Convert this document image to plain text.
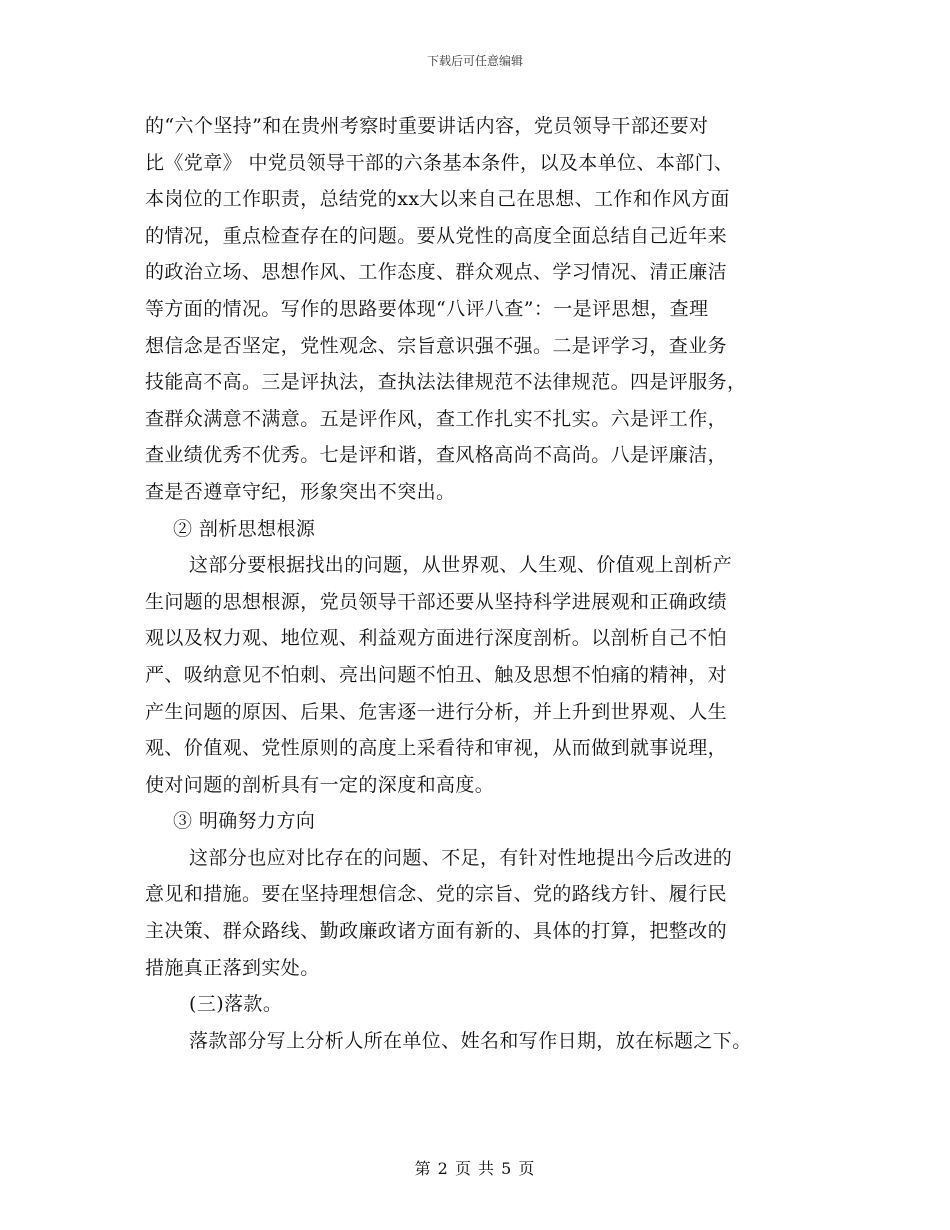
下载后可任意编辑
的“六个坚持”和在贵州考察时重要讲话内容，党员领导干部还要对
比《党章》 中党员领导干部的六条基本条件，以及本单位、本部门、
本岗位的工作职责，总结党的xx大以来自己在思想、工作和作风方面
的情况，重点检查存在的问题。要从党性的高度全面总结自己近年来
的政治立场、思想作风、工作态度、群众观点、学习情况、清正廉洁
等方面的情况。写作的思路要体现“八评八查”：一是评思想，查理
想信念是否坚定，党性观念、宗旨意识强不强。二是评学习，查业务
技能高不高。三是评执法，查执法法律规范不法律规范。四是评服务，
查群众满意不满意。五是评作风，查工作扎实不扎实。六是评工作，
查业绩优秀不优秀。七是评和谐，查风格高尚不高尚。八是评廉洁，
查是否遵章守纪，形象突出不突出。
② 剖析思想根源
这部分要根据找出的问题，从世界观、人生观、价值观上剖析产
生问题的思想根源，党员领导干部还要从坚持科学进展观和正确政绩
观以及权力观、地位观、利益观方面进行深度剖析。以剖析自己不怕
严、吸纳意见不怕刺、亮出问题不怕丑、触及思想不怕痛的精神，对
产生问题的原因、后果、危害逐一进行分析，并上升到世界观、人生
观、价值观、党性原则的高度上采看待和审视，从而做到就事说理，
使对问题的剖析具有一定的深度和高度。
③ 明确努力方向
这部分也应对比存在的问题、不足，有针对性地提出今后改进的
意见和措施。要在坚持理想信念、党的宗旨、党的路线方针、履行民
主决策、群众路线、勤政廉政诸方面有新的、具体的打算，把整改的
措施真正落到实处。
(三)落款。
落款部分写上分析人所在单位、姓名和写作日期，放在标题之下。
第 2 页 共 5 页
